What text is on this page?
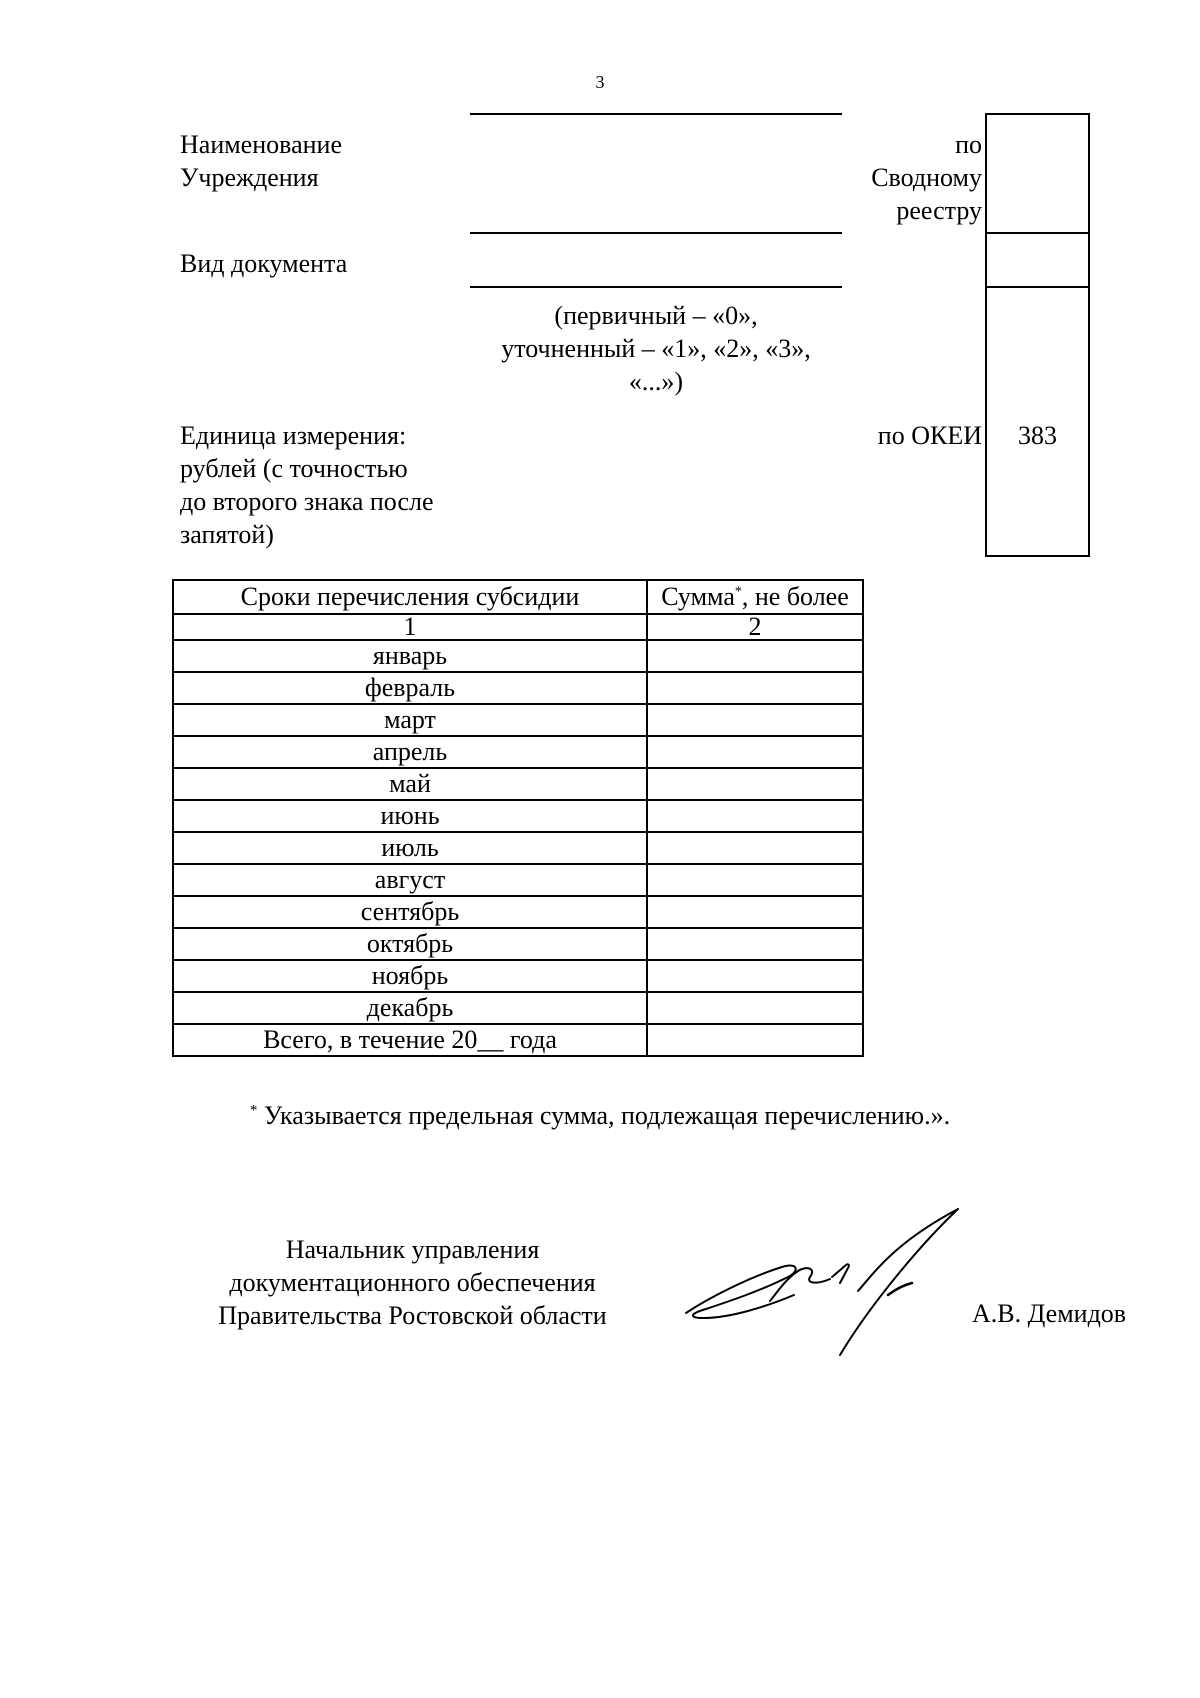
3
Наименование
Учреждения
по
Сводному
реестру
Вид документа
(первичный – «0»,
уточненный – «1», «2», «3»,
«...»)
Единица измерения:
рублей (с точностью
до второго знака после
запятой)
по ОКЕИ	383
Сроки перечисления субсидии	Сумма*, не более
1	2
январь	
февраль	
март	
апрель	
май	
июнь	
июль	
август	
сентябрь	
октябрь	
ноябрь	
декабрь	
Всего, в течение 20__ года	
* Указывается предельная сумма, подлежащая перечислению.».
Начальник управления
документационного обеспечения
Правительства Ростовской области	А.В. Демидов
